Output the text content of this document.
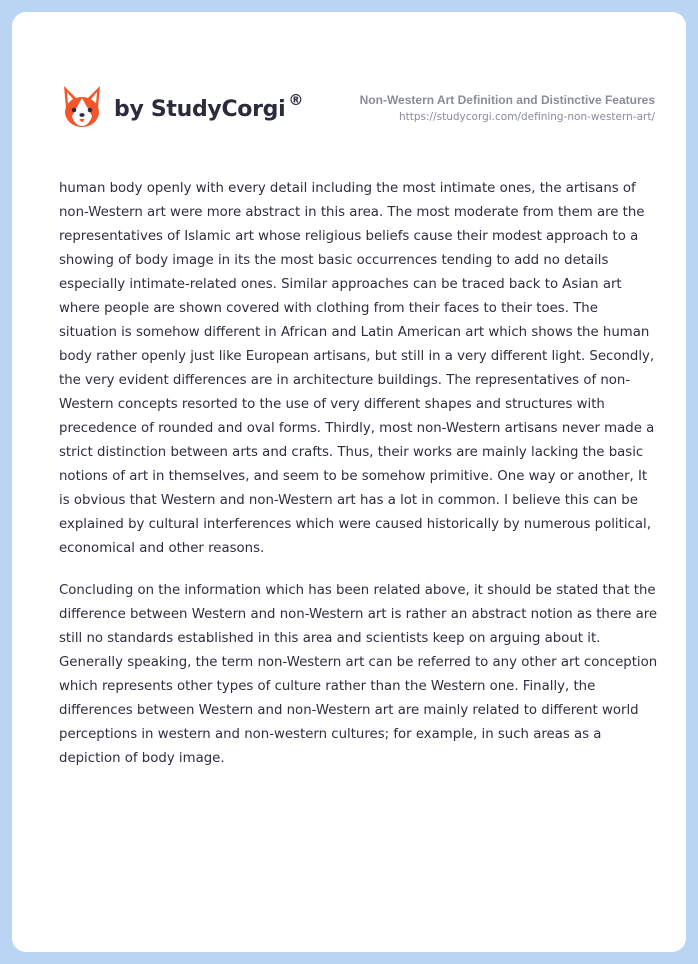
by StudyCorgi ®	Non-Western Art Definition and Distinctive Features
https://studycorgi.com/defining-non-western-art/

human body openly with every detail including the most intimate ones, the artisans of non-Western art were more abstract in this area. The most moderate from them are the representatives of Islamic art whose religious beliefs cause their modest approach to a showing of body image in its the most basic occurrences tending to add no details especially intimate-related ones. Similar approaches can be traced back to Asian art where people are shown covered with clothing from their faces to their toes. The situation is somehow different in African and Latin American art which shows the human body rather openly just like European artisans, but still in a very different light. Secondly, the very evident differences are in architecture buildings. The representatives of non-Western concepts resorted to the use of very different shapes and structures with precedence of rounded and oval forms. Thirdly, most non-Western artisans never made a strict distinction between arts and crafts. Thus, their works are mainly lacking the basic notions of art in themselves, and seem to be somehow primitive. One way or another, It is obvious that Western and non-Western art has a lot in common. I believe this can be explained by cultural interferences which were caused historically by numerous political, economical and other reasons.

Concluding on the information which has been related above, it should be stated that the difference between Western and non-Western art is rather an abstract notion as there are still no standards established in this area and scientists keep on arguing about it. Generally speaking, the term non-Western art can be referred to any other art conception which represents other types of culture rather than the Western one. Finally, the differences between Western and non-Western art are mainly related to different world perceptions in western and non-western cultures; for example, in such areas as a depiction of body image.
